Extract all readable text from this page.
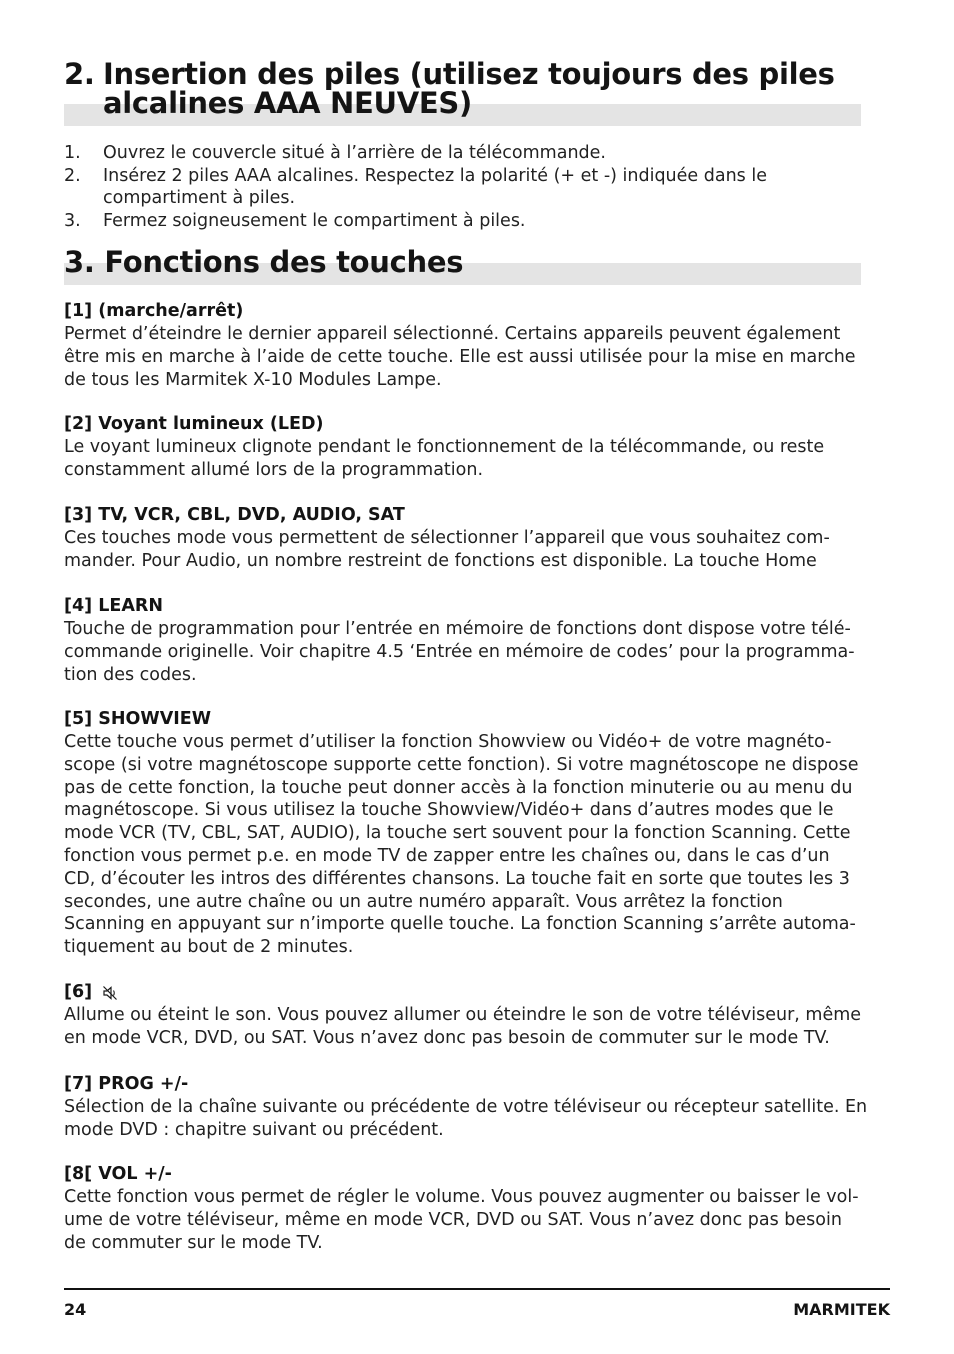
2. Insertion des piles (utilisez toujours des piles
alcalines AAA NEUVES)
1.	Ouvrez le couvercle situé à l’arrière de la télécommande.
2.	Insérez 2 piles AAA alcalines. Respectez la polarité (+ et -) indiquée dans le
compartiment à piles.
3.	Fermez soigneusement le compartiment à piles.
3. Fonctions des touches
[1] (marche/arrêt)
Permet d’éteindre le dernier appareil sélectionné. Certains appareils peuvent également
être mis en marche à l’aide de cette touche. Elle est aussi utilisée pour la mise en marche
de tous les Marmitek X-10 Modules Lampe.
[2] Voyant lumineux (LED)
Le voyant lumineux clignote pendant le fonctionnement de la télécommande, ou reste
constamment allumé lors de la programmation.
[3] TV, VCR, CBL, DVD, AUDIO, SAT
Ces touches mode vous permettent de sélectionner l’appareil que vous souhaitez com-
mander. Pour Audio, un nombre restreint de fonctions est disponible. La touche Home
[4] LEARN
Touche de programmation pour l’entrée en mémoire de fonctions dont dispose votre télé-
commande originelle. Voir chapitre 4.5 ‘Entrée en mémoire de codes’ pour la programma-
tion des codes.
[5] SHOWVIEW
Cette touche vous permet d’utiliser la fonction Showview ou Vidéo+ de votre magnéto-
scope (si votre magnétoscope supporte cette fonction). Si votre magnétoscope ne dispose
pas de cette fonction, la touche peut donner accès à la fonction minuterie ou au menu du
magnétoscope. Si vous utilisez la touche Showview/Vidéo+ dans d’autres modes que le
mode VCR (TV, CBL, SAT, AUDIO), la touche sert souvent pour la fonction Scanning. Cette
fonction vous permet p.e. en mode TV de zapper entre les chaînes ou, dans le cas d’un
CD, d’écouter les intros des différentes chansons. La touche fait en sorte que toutes les 3
secondes, une autre chaîne ou un autre numéro apparaît. Vous arrêtez la fonction
Scanning en appuyant sur n’importe quelle touche. La fonction Scanning s’arrête automa-
tiquement au bout de 2 minutes.
[6]
Allume ou éteint le son. Vous pouvez allumer ou éteindre le son de votre téléviseur, même
en mode VCR, DVD, ou SAT. Vous n’avez donc pas besoin de commuter sur le mode TV.
[7] PROG +/-
Sélection de la chaîne suivante ou précédente de votre téléviseur ou récepteur satellite. En
mode DVD : chapitre suivant ou précédent.
[8[ VOL +/-
Cette fonction vous permet de régler le volume. Vous pouvez augmenter ou baisser le vol-
ume de votre téléviseur, même en mode VCR, DVD ou SAT. Vous n’avez donc pas besoin
de commuter sur le mode TV.
24	MARMITEK
